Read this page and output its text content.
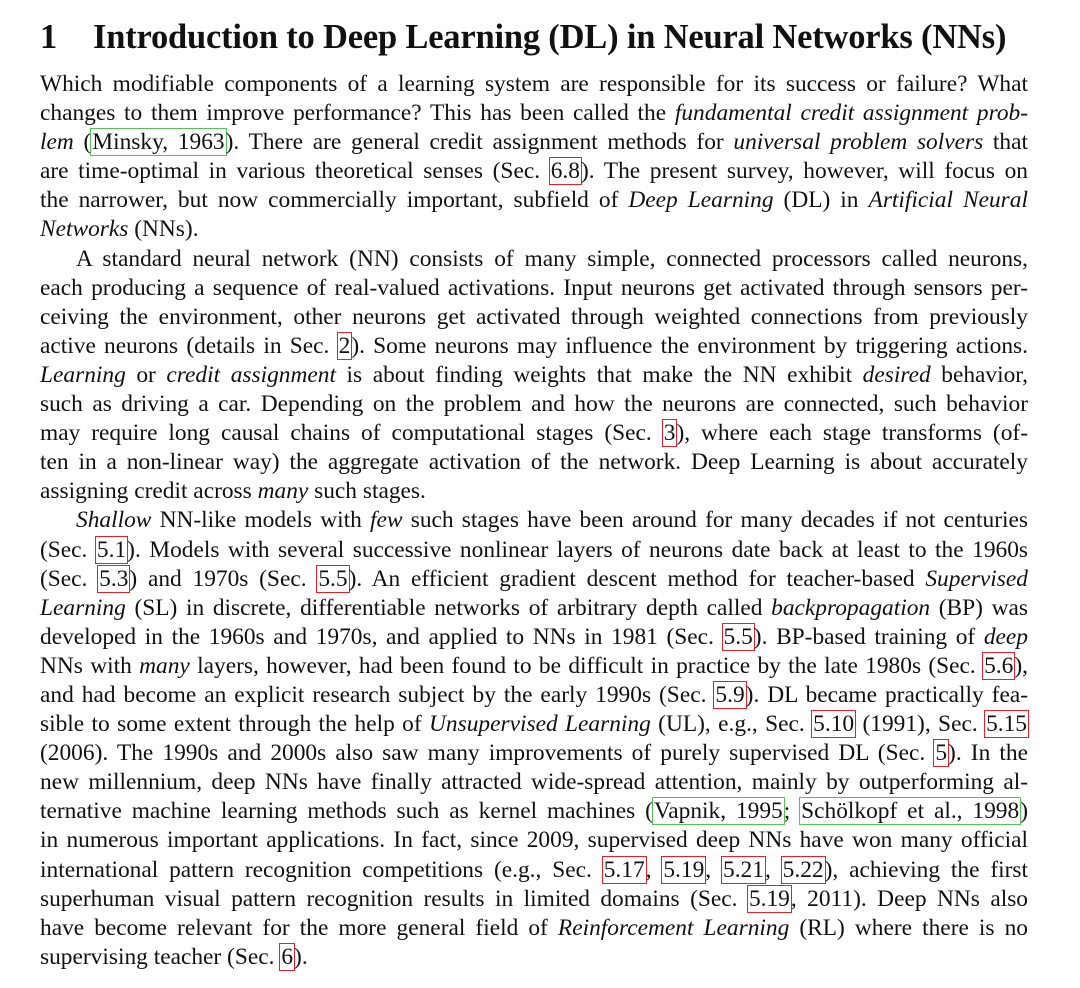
1 Introduction to Deep Learning (DL) in Neural Networks (NNs)
Which modifiable components of a learning system are responsible for its success or failure? What
changes to them improve performance? This has been called the fundamental credit assignment prob-
lem (Minsky, 1963). There are general credit assignment methods for universal problem solvers that
are time-optimal in various theoretical senses (Sec. 6.8). The present survey, however, will focus on
the narrower, but now commercially important, subfield of Deep Learning (DL) in Artificial Neural
Networks (NNs).
A standard neural network (NN) consists of many simple, connected processors called neurons,
each producing a sequence of real-valued activations. Input neurons get activated through sensors per-
ceiving the environment, other neurons get activated through weighted connections from previously
active neurons (details in Sec. 2). Some neurons may influence the environment by triggering actions.
Learning or credit assignment is about finding weights that make the NN exhibit desired behavior,
such as driving a car. Depending on the problem and how the neurons are connected, such behavior
may require long causal chains of computational stages (Sec. 3), where each stage transforms (of-
ten in a non-linear way) the aggregate activation of the network. Deep Learning is about accurately
assigning credit across many such stages.
Shallow NN-like models with few such stages have been around for many decades if not centuries
(Sec. 5.1). Models with several successive nonlinear layers of neurons date back at least to the 1960s
(Sec. 5.3) and 1970s (Sec. 5.5). An efficient gradient descent method for teacher-based Supervised
Learning (SL) in discrete, differentiable networks of arbitrary depth called backpropagation (BP) was
developed in the 1960s and 1970s, and applied to NNs in 1981 (Sec. 5.5). BP-based training of deep
NNs with many layers, however, had been found to be difficult in practice by the late 1980s (Sec. 5.6),
and had become an explicit research subject by the early 1990s (Sec. 5.9). DL became practically fea-
sible to some extent through the help of Unsupervised Learning (UL), e.g., Sec. 5.10 (1991), Sec. 5.15
(2006). The 1990s and 2000s also saw many improvements of purely supervised DL (Sec. 5). In the
new millennium, deep NNs have finally attracted wide-spread attention, mainly by outperforming al-
ternative machine learning methods such as kernel machines (Vapnik, 1995; Schölkopf et al., 1998)
in numerous important applications. In fact, since 2009, supervised deep NNs have won many official
international pattern recognition competitions (e.g., Sec. 5.17, 5.19, 5.21, 5.22), achieving the first
superhuman visual pattern recognition results in limited domains (Sec. 5.19, 2011). Deep NNs also
have become relevant for the more general field of Reinforcement Learning (RL) where there is no
supervising teacher (Sec. 6).
